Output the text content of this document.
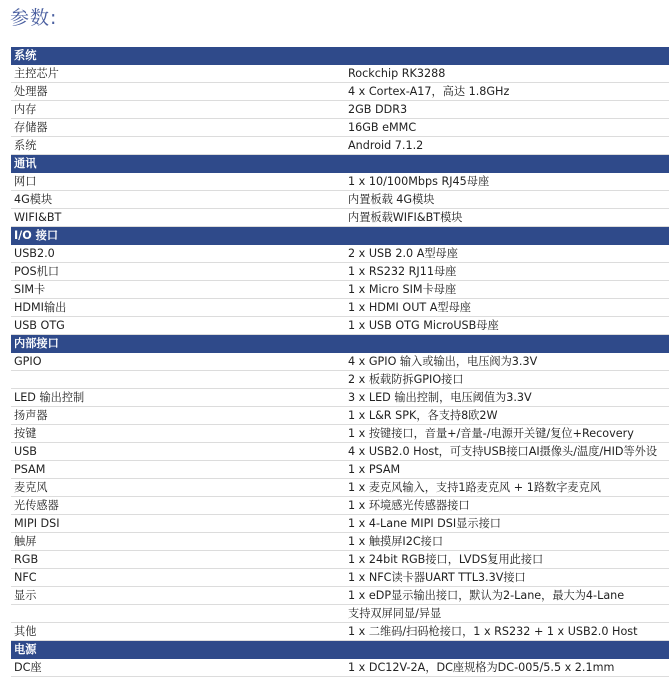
参数:
系统	
主控芯片	Rockchip RK3288
处理器	4 x Cortex-A17，高达 1.8GHz
内存	2GB DDR3
存储器	16GB eMMC
系统	Android 7.1.2
通讯	
网口	1 x 10/100Mbps RJ45母座
4G模块	内置板载 4G模块
WIFI&BT	内置板载WIFI&BT模块
I/O 接口	
USB2.0	2 x USB 2.0 A型母座
POS机口	1 x RS232 RJ11母座
SIM卡	1 x Micro SIM卡母座
HDMI输出	1 x HDMI OUT A型母座
USB OTG	1 x USB OTG MicroUSB母座
内部接口	
GPIO	4 x GPIO 输入或输出，电压阀为3.3V
	2 x 板载防拆GPIO接口
LED 输出控制	3 x LED 输出控制，电压阈值为3.3V
扬声器	1 x L&R SPK，各支持8欧2W
按键	1 x 按键接口，音量+/音量-/电源开关键/复位+Recovery
USB	4 x USB2.0 Host，可支持USB接口AI摄像头/温度/HID等外设
PSAM	1 x PSAM
麦克风	1 x 麦克风输入，支持1路麦克风 + 1路数字麦克风
光传感器	1 x 环境感光传感器接口
MIPI DSI	1 x 4-Lane MIPI DSI显示接口
触屏	1 x 触摸屏I2C接口
RGB	1 x 24bit RGB接口，LVDS复用此接口
NFC	1 x NFC读卡器UART TTL3.3V接口
显示	1 x eDP显示输出接口，默认为2-Lane，最大为4-Lane
	支持双屏同显/异显
其他	1 x 二维码/扫码枪接口，1 x RS232 + 1 x USB2.0 Host
电源	
DC座	1 x DC12V-2A，DC座规格为DC-005/5.5 x 2.1mm
